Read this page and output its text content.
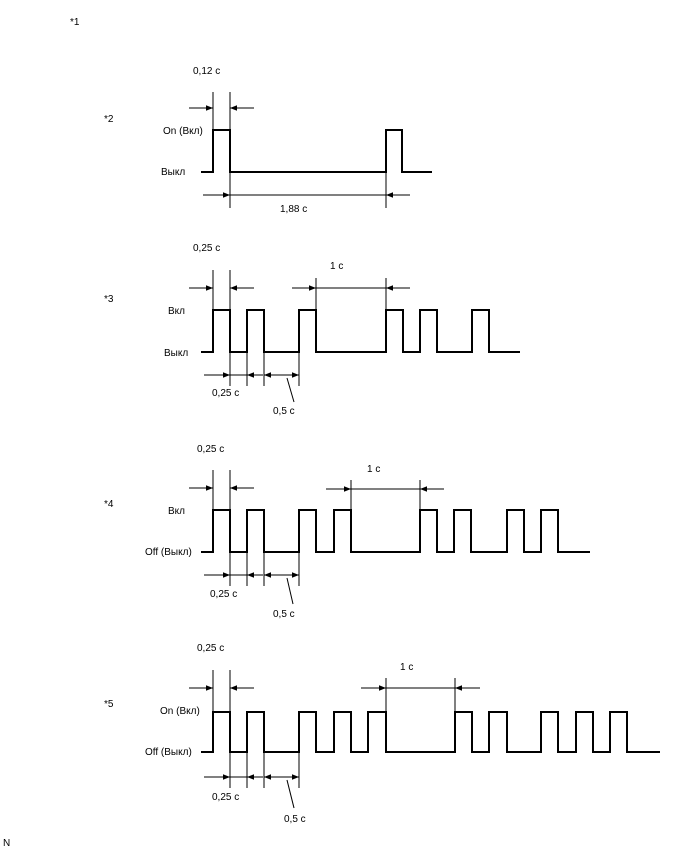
*1
N
*2
On (Вкл)
Выкл
0,12 с
1,88 с
*3
Вкл
Выкл
0,25 с
1 с
0,25 с
0,5 с
*4
Вкл
Off (Выкл)
0,25 с
1 с
0,25 с
0,5 с
*5
On (Вкл)
Off (Выкл)
0,25 с
1 с
0,25 с
0,5 с
